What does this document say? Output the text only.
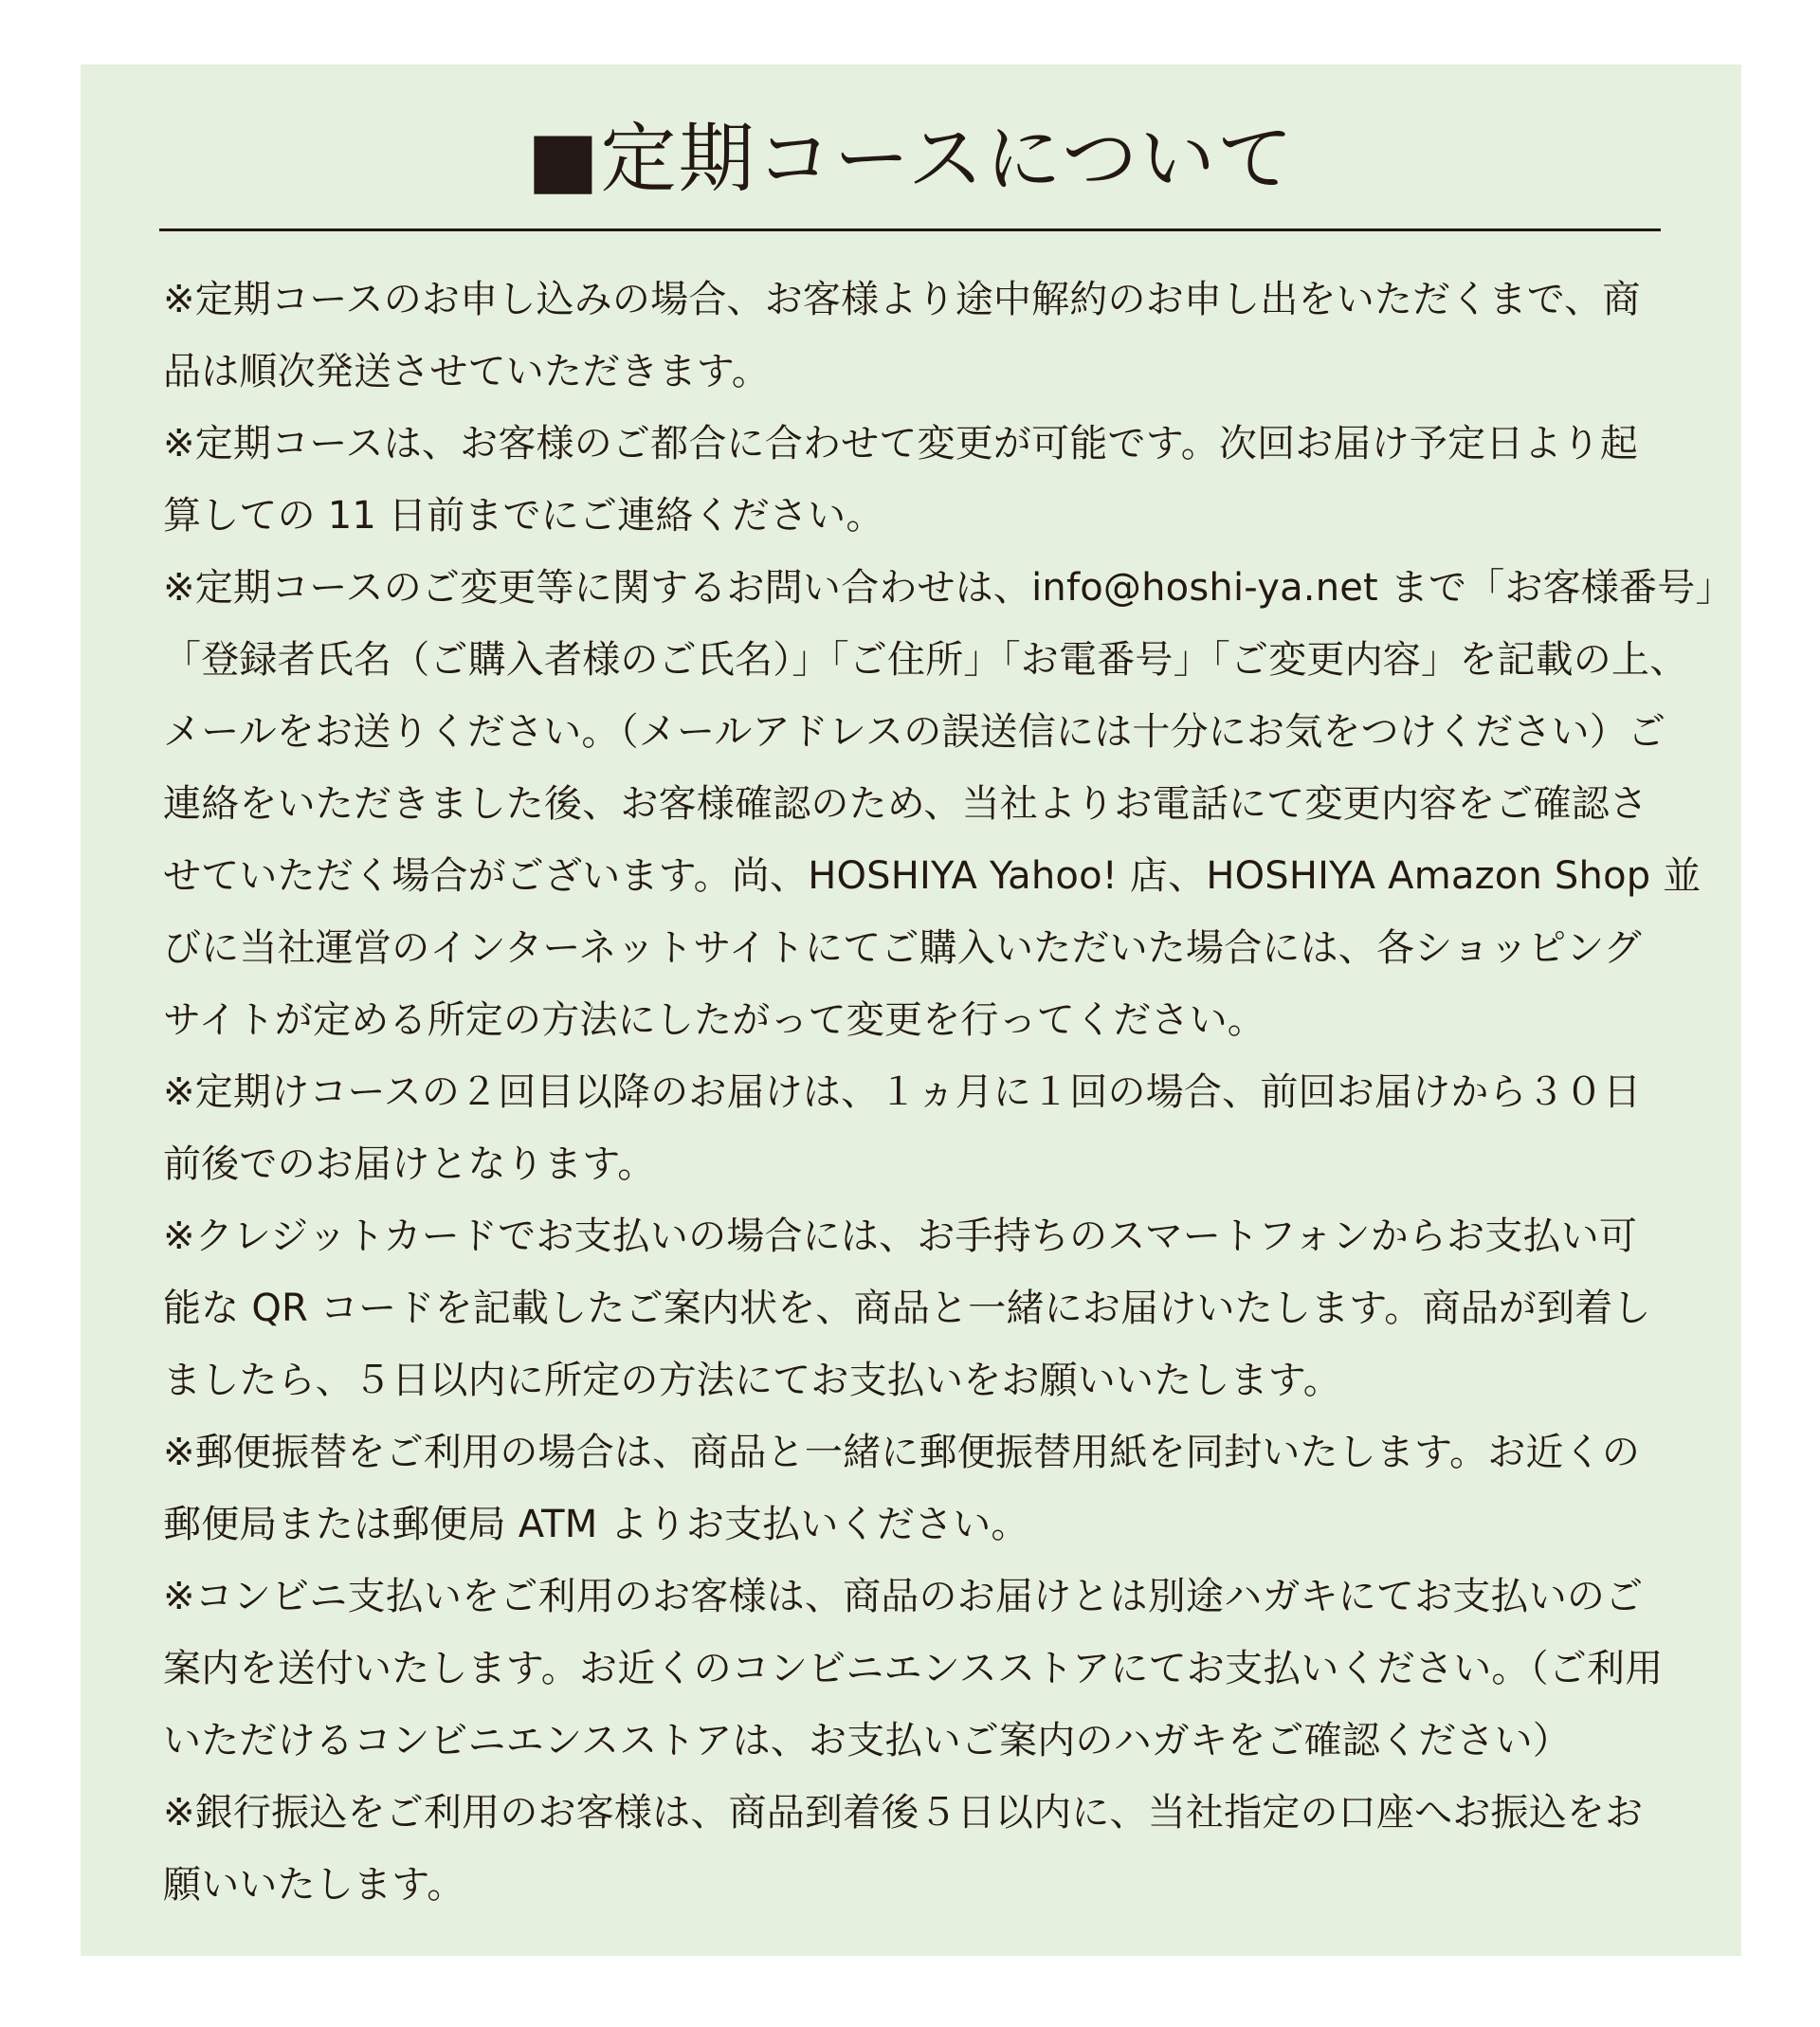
■定期コースについて
※定期コースのお申し込みの場合、お客様より途中解約のお申し出をいただくまで、商
品は順次発送させていただきます。
※定期コースは、お客様のご都合に合わせて変更が可能です。次回お届け予定日より起
算しての 11 日前までにご連絡ください。
※定期コースのご変更等に関するお問い合わせは、info@hoshi-ya.net まで「お客様番号」
「登録者氏名（ご購入者様のご氏名）」「ご住所」「お電番号」「ご変更内容」を記載の上、
メールをお送りください。（メールアドレスの誤送信には十分にお気をつけください）ご
連絡をいただきました後、お客様確認のため、当社よりお電話にて変更内容をご確認さ
せていただく場合がございます。尚、HOSHIYA Yahoo! 店、HOSHIYA Amazon Shop 並
びに当社運営のインターネットサイトにてご購入いただいた場合には、各ショッピング
サイトが定める所定の方法にしたがって変更を行ってください。
※定期けコースの２回目以降のお届けは、１ヵ月に１回の場合、前回お届けから３０日
前後でのお届けとなります。
※クレジットカードでお支払いの場合には、お手持ちのスマートフォンからお支払い可
能な QR コードを記載したご案内状を、商品と一緒にお届けいたします。商品が到着し
ましたら、５日以内に所定の方法にてお支払いをお願いいたします。
※郵便振替をご利用の場合は、商品と一緒に郵便振替用紙を同封いたします。お近くの
郵便局または郵便局 ATM よりお支払いください。
※コンビニ支払いをご利用のお客様は、商品のお届けとは別途ハガキにてお支払いのご
案内を送付いたします。お近くのコンビニエンスストアにてお支払いください。（ご利用
いただけるコンビニエンスストアは、お支払いご案内のハガキをご確認ください）
※銀行振込をご利用のお客様は、商品到着後５日以内に、当社指定の口座へお振込をお
願いいたします。
